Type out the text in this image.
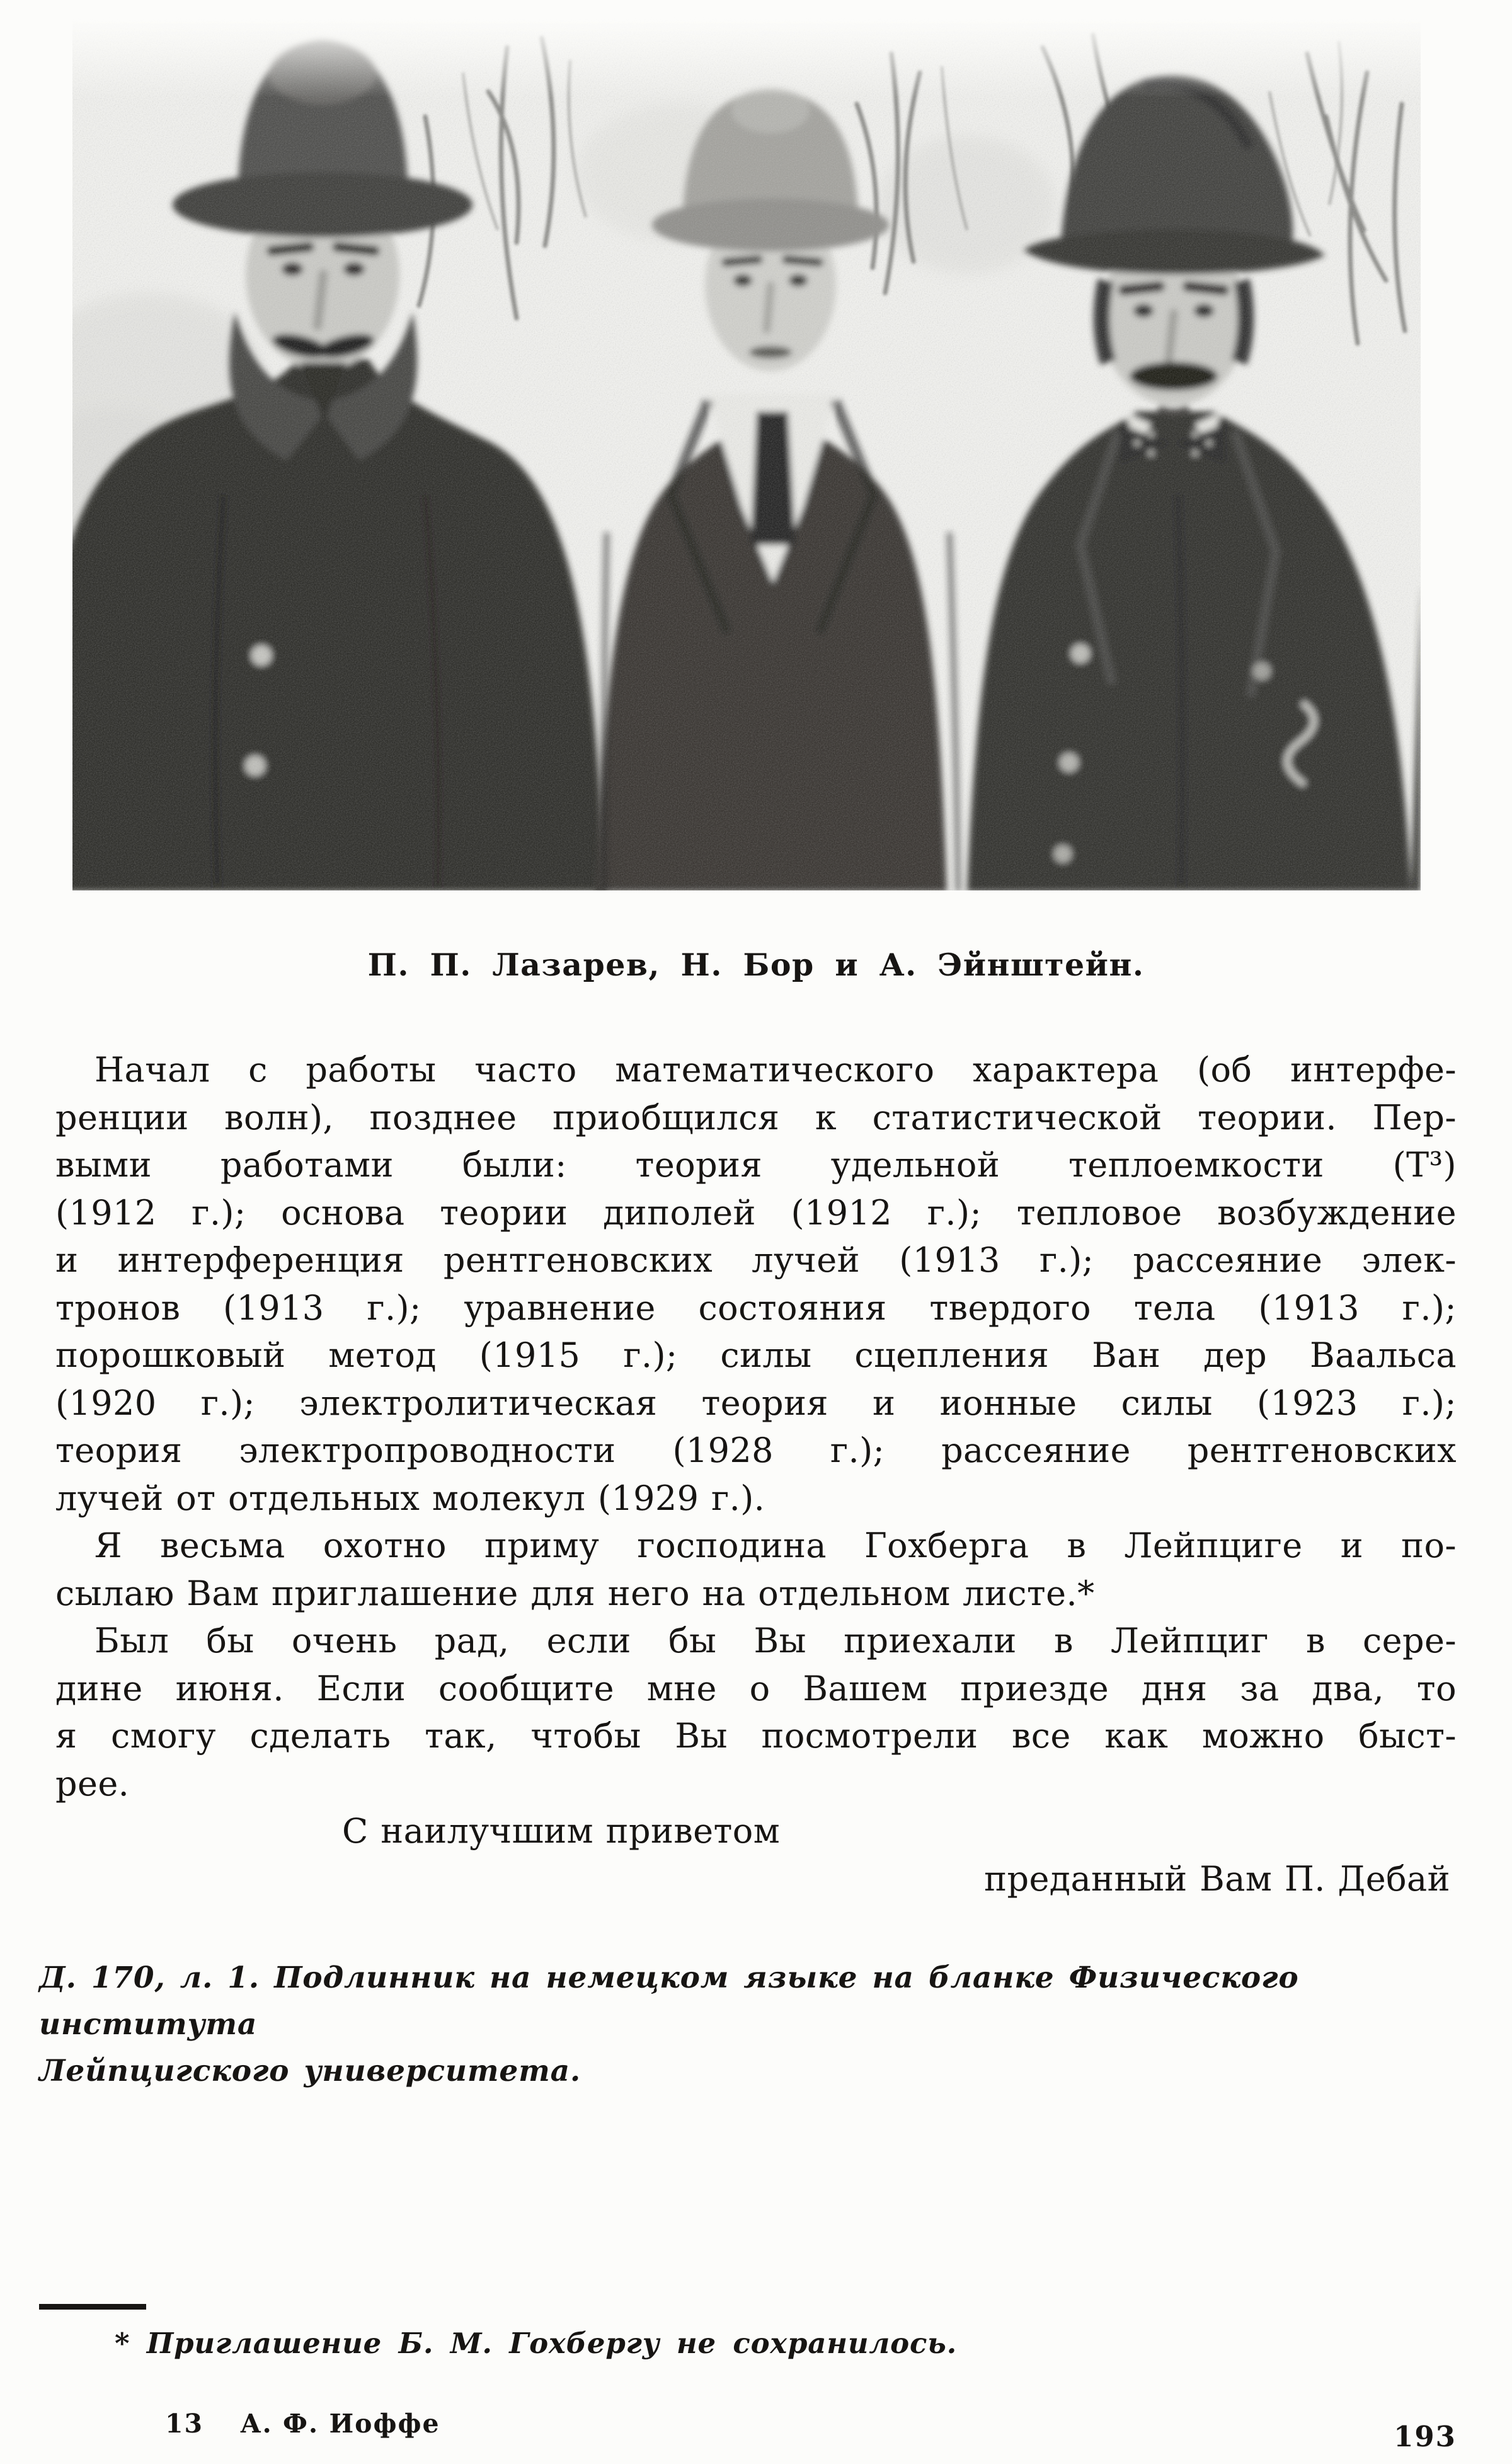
П. П. Лазарев, Н. Бор и А. Эйнштейн.
Начал с работы часто математического характера (об интерфе-
ренции волн), позднее приобщился к статистической теории. Пер-
выми работами были: теория удельной теплоемкости (T³)
(1912 г.); основа теории диполей (1912 г.); тепловое возбуждение
и интерференция рентгеновских лучей (1913 г.); рассеяние элек-
тронов (1913 г.); уравнение состояния твердого тела (1913 г.);
порошковый метод (1915 г.); силы сцепления Ван дер Ваальса
(1920 г.); электролитическая теория и ионные силы (1923 г.);
теория электропроводности (1928 г.); рассеяние рентгеновских
лучей от отдельных молекул (1929 г.).
Я весьма охотно приму господина Гохберга в Лейпциге и по-
сылаю Вам приглашение для него на отдельном листе.*
Был бы очень рад, если бы Вы приехали в Лейпциг в сере-
дине июня. Если сообщите мне о Вашем приезде дня за два, то
я смогу сделать так, чтобы Вы посмотрели все как можно быст-
рее.
С наилучшим приветом
преданный Вам П. Дебай
Д. 170, л. 1. Подлинник на немецком языке на бланке Физического института
Лейпцигского университета.
* Приглашение Б. М. Гохбергу не сохранилось.
13 А. Ф. Иоффе	193
